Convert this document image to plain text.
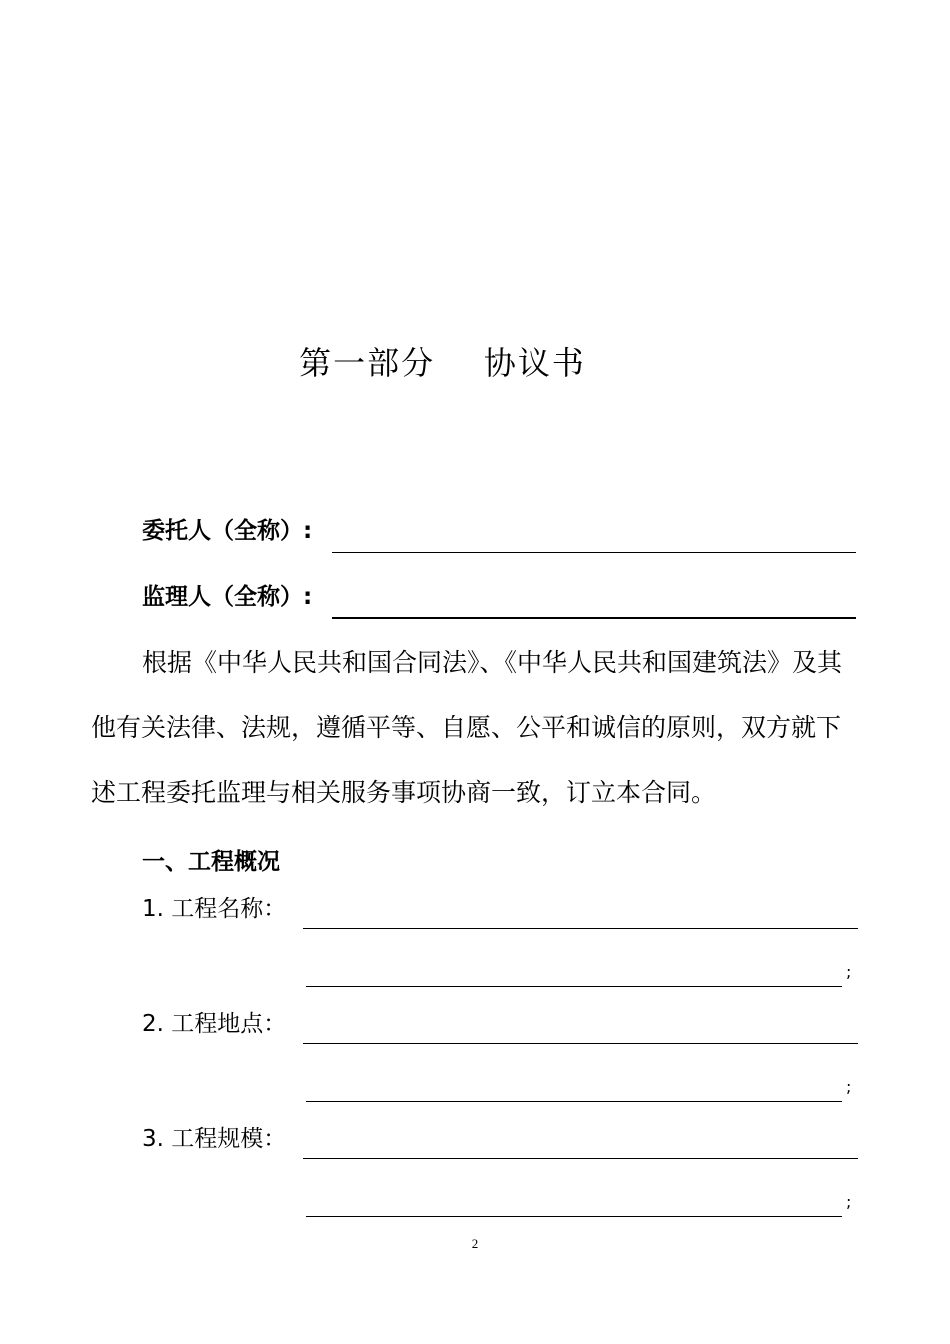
第一部分    协议书
委托人（全称）:
监理人（全称）:
根据《中华人民共和国合同法》、《中华人民共和国建筑法》及其
他有关法律、法规，遵循平等、自愿、公平和诚信的原则，双方就下
述工程委托监理与相关服务事项协商一致，订立本合同。
一、工程概况
1. 工程名称：
;
2. 工程地点：
;
3. 工程规模：
;
2
